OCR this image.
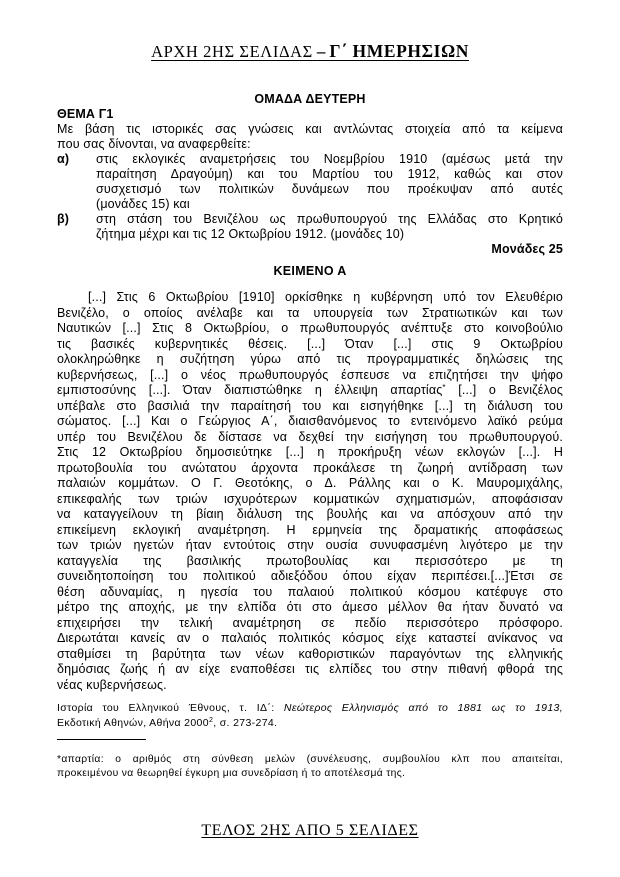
ΑΡΧΗ 2ΗΣ ΣΕΛΙΔΑΣ – Γ΄ ΗΜΕΡΗΣΙΩΝ
ΟΜΑΔΑ ΔΕΥΤΕΡΗ
ΘΕΜΑ Γ1
Με βάση τις ιστορικές σας γνώσεις και αντλώντας στοιχεία από τα κείμενα
που σας δίνονται, να αναφερθείτε:
α)	στις εκλογικές αναμετρήσεις του Νοεμβρίου 1910 (αμέσως μετά την
παραίτηση Δραγούμη) και του Μαρτίου του 1912, καθώς και στον
συσχετισμό των πολιτικών δυνάμεων που προέκυψαν από αυτές
(μονάδες 15) και
β)	στη στάση του Βενιζέλου ως πρωθυπουργού της Ελλάδας στο Κρητικό
ζήτημα μέχρι και τις 12 Οκτωβρίου 1912. (μονάδες 10)
Μονάδες 25
ΚΕΙΜΕΝΟ Α
[...] Στις 6 Οκτωβρίου [1910] ορκίσθηκε η κυβέρνηση υπό τον Ελευθέριο
Βενιζέλο, ο οποίος ανέλαβε και τα υπουργεία των Στρατιωτικών και των
Ναυτικών [...] Στις 8 Οκτωβρίου, ο πρωθυπουργός ανέπτυξε στο κοινοβούλιο
τις βασικές κυβερνητικές θέσεις. [...] Όταν [...] στις 9 Οκτωβρίου
ολοκληρώθηκε η συζήτηση γύρω από τις προγραμματικές δηλώσεις της
κυβερνήσεως, [...] ο νέος πρωθυπουργός έσπευσε να επιζητήσει την ψήφο
εμπιστοσύνης [...]. Όταν διαπιστώθηκε η έλλειψη απαρτίας* [...] ο Βενιζέλος
υπέβαλε στο βασιλιά την παραίτησή του και εισηγήθηκε [...] τη διάλυση του
σώματος. [...] Και ο Γεώργιος Α΄, διαισθανόμενος το εντεινόμενο λαϊκό ρεύμα
υπέρ του Βενιζέλου δε δίστασε να δεχθεί την εισήγηση του πρωθυπουργού.
Στις 12 Οκτωβρίου δημοσιεύτηκε [...] η προκήρυξη νέων εκλογών [...]. Η
πρωτοβουλία του ανώτατου άρχοντα προκάλεσε τη ζωηρή αντίδραση των
παλαιών κομμάτων. Ο Γ. Θεοτόκης, ο Δ. Ράλλης και ο Κ. Μαυρομιχάλης,
επικεφαλής των τριών ισχυρότερων κομματικών σχηματισμών, αποφάσισαν
να καταγγείλουν τη βίαιη διάλυση της βουλής και να απόσχουν από την
επικείμενη εκλογική αναμέτρηση. Η ερμηνεία της δραματικής αποφάσεως
των τριών ηγετών ήταν εντούτοις στην ουσία συνυφασμένη λιγότερο με την
καταγγελία της βασιλικής πρωτοβουλίας και περισσότερο με τη
συνειδητοποίηση του πολιτικού αδιεξόδου όπου είχαν περιπέσει.[...]Έτσι σε
θέση αδυναμίας, η ηγεσία του παλαιού πολιτικού κόσμου κατέφυγε στο
μέτρο της αποχής, με την ελπίδα ότι στο άμεσο μέλλον θα ήταν δυνατό να
επιχειρήσει την τελική αναμέτρηση σε πεδίο περισσότερο πρόσφορο.
Διερωτάται κανείς αν ο παλαιός πολιτικός κόσμος είχε καταστεί ανίκανος να
σταθμίσει τη βαρύτητα των νέων καθοριστικών παραγόντων της ελληνικής
δημόσιας ζωής ή αν είχε εναποθέσει τις ελπίδες του στην πιθανή φθορά της
νέας κυβερνήσεως.
Ιστορία του Ελληνικού Έθνους, τ. ΙΔ΄: Νεώτερος Ελληνισμός από το 1881 ως το 1913,
Εκδοτική Αθηνών, Αθήνα 2000$^2$, σ. 273-274.
*απαρτία: ο αριθμός στη σύνθεση μελών (συνέλευσης, συμβουλίου κλπ που απαιτείται,
προκειμένου να θεωρηθεί έγκυρη μια συνεδρίαση ή το αποτέλεσμά της.
ΤΕΛΟΣ 2ΗΣ ΑΠΟ 5 ΣΕΛΙΔΕΣ
